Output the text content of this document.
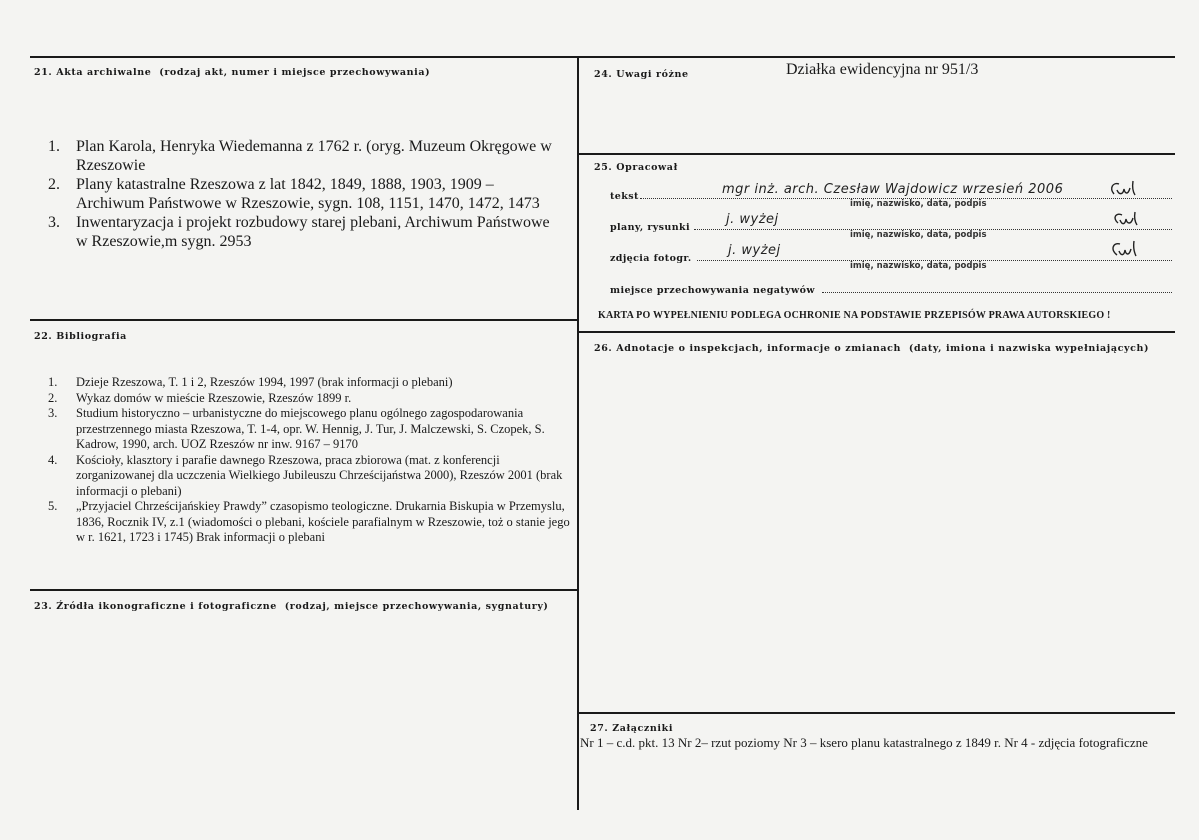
21. Akta archiwalne (rodzaj akt, numer i miejsce przechowywania)
1. Plan Karola, Henryka Wiedemanna z 1762 r. (oryg. Muzeum Okręgowe w Rzeszowie
2. Plany katastralne Rzeszowa z lat 1842, 1849, 1888, 1903, 1909 – Archiwum Państwowe w Rzeszowie, sygn. 108, 1151, 1470, 1472, 1473
3. Inwentaryzacja i projekt rozbudowy starej plebani, Archiwum Państwowe w Rzeszowie,m sygn. 2953
22. Bibliografia
1. Dzieje Rzeszowa, T. 1 i 2, Rzeszów 1994, 1997 (brak informacji o plebani)
2. Wykaz domów w mieście Rzeszowie, Rzeszów 1899 r.
3. Studium historyczno – urbanistyczne do miejscowego planu ogólnego zagospodarowania przestrzennego miasta Rzeszowa, T. 1-4, opr. W. Hennig, J. Tur, J. Malczewski, S. Czopek, S. Kadrow, 1990, arch. UOZ Rzeszów nr inw. 9167 – 9170
4. Kościoły, klasztory i parafie dawnego Rzeszowa, praca zbiorowa (mat. z konferencji zorganizowanej dla uczczenia Wielkiego Jubileuszu Chrześcijaństwa 2000), Rzeszów 2001 (brak informacji o plebani)
5. „Przyjaciel Chrześcijańskiey Prawdy” czasopismo teologiczne. Drukarnia Biskupia w Przemyslu, 1836, Rocznik IV, z.1 (wiadomości o plebani, kościele parafialnym w Rzeszowie, toż o stanie jego w r. 1621, 1723 i 1745) Brak informacji o plebani
23. Źródła ikonograficzne i fotograficzne (rodzaj, miejsce przechowywania, sygnatury)
24. Uwagi różne	Działka ewidencyjna nr 951/3
25. Opracował
tekst	mgr inż. arch. Czesław Wajdowicz wrzesień 2006
imię, nazwisko, data, podpis
plany, rysunki
j. wyżej
imię, nazwisko, data, podpis
zdjęcia fotogr.
j. wyżej
imię, nazwisko, data, podpis
miejsce przechowywania negatywów
KARTA PO WYPEŁNIENIU PODLEGA OCHRONIE NA PODSTAWIE PRZEPISÓW PRAWA AUTORSKIEGO !
26. Adnotacje o inspekcjach, informacje o zmianach (daty, imiona i nazwiska wypełniających)
27. Załączniki
Nr 1 – c.d. pkt. 13 Nr 2– rzut poziomy Nr 3 – ksero planu katastralnego z 1849 r. Nr 4 - zdjęcia fotograficzne
